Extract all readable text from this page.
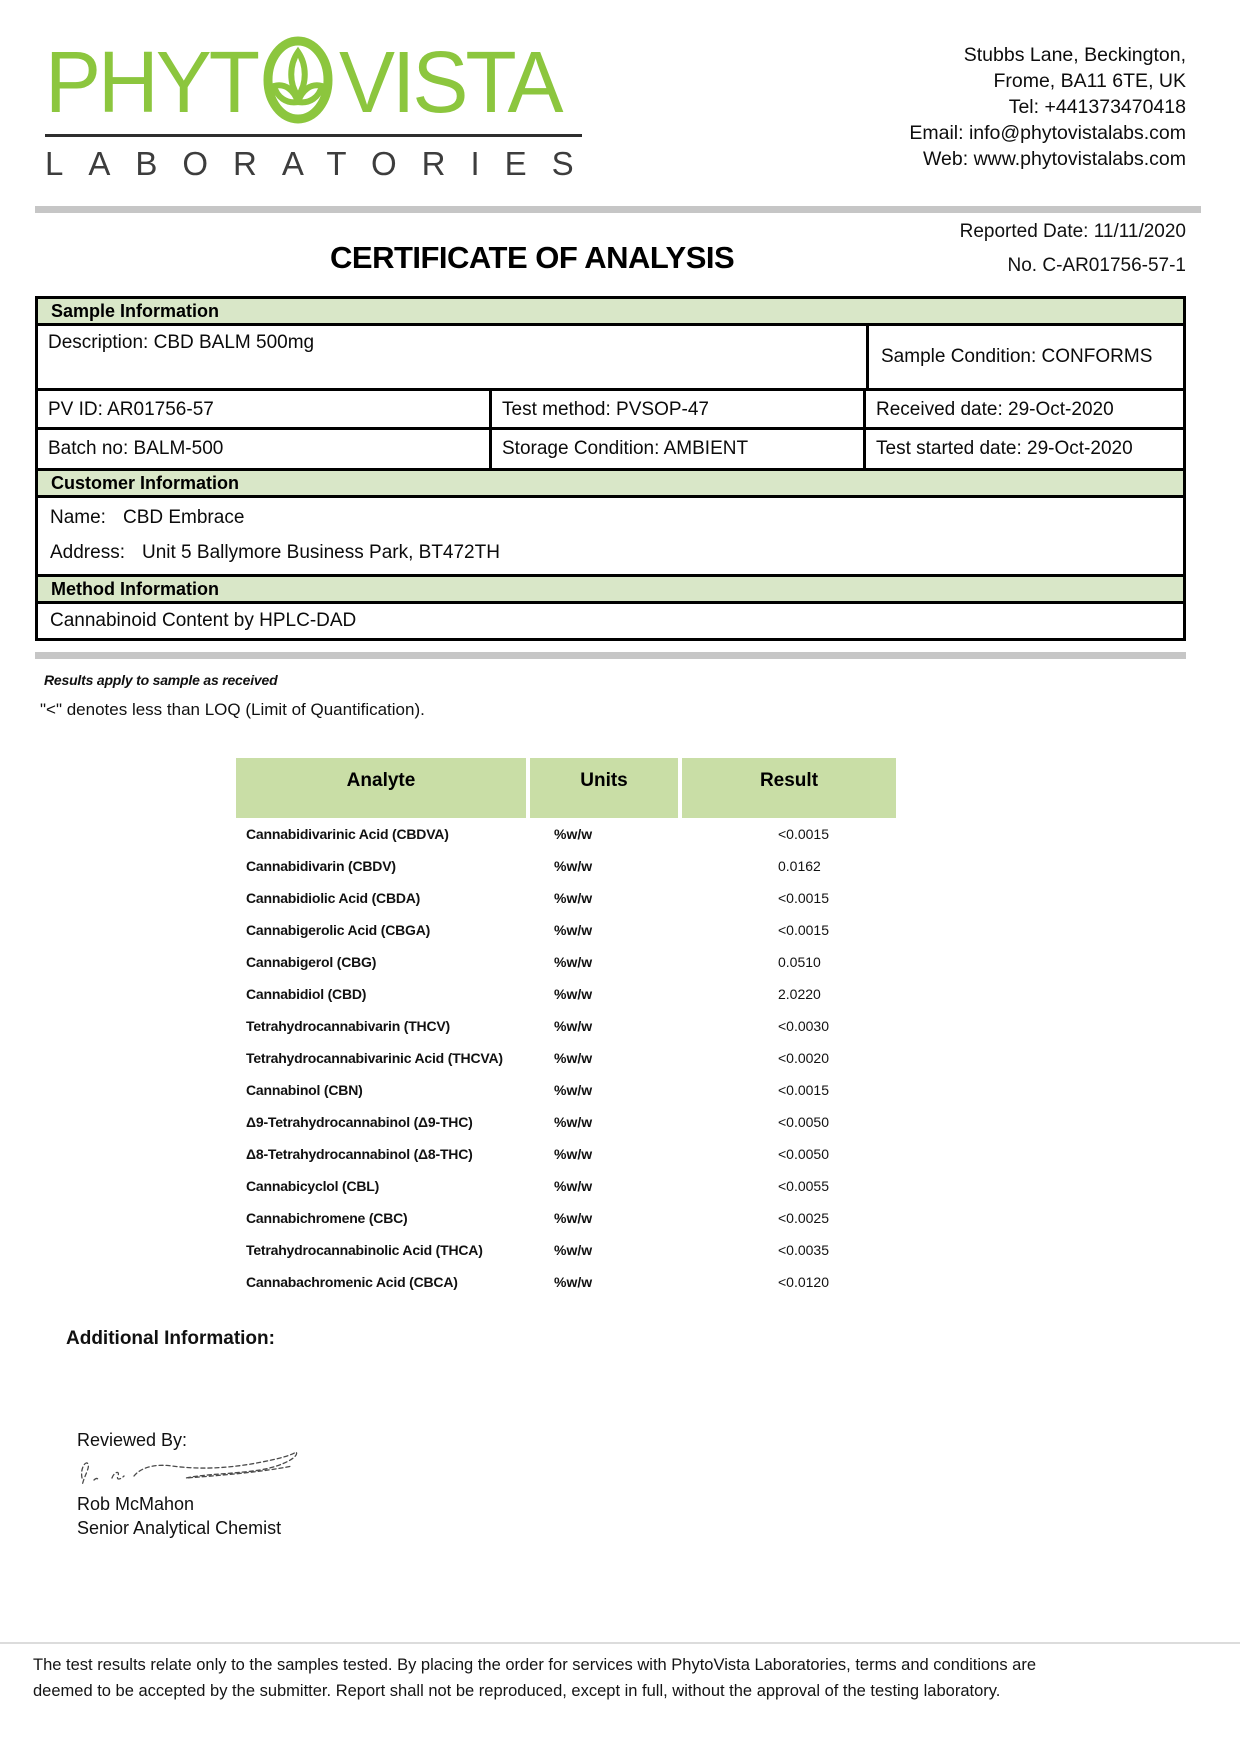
PHYT VISTA
LABORATORIES
Stubbs Lane, Beckington,
Frome, BA11 6TE, UK
Tel: +441373470418
Email: info@phytovistalabs.com
Web: www.phytovistalabs.com
Reported Date: 11/11/2020
CERTIFICATE OF ANALYSIS	No. C-AR01756-57-1
Sample Information
Description: CBD BALM 500mg
Sample Condition: CONFORMS
PV ID: AR01756-57	Test method: PVSOP-47	Received date: 29-Oct-2020
Batch no: BALM-500	Storage Condition: AMBIENT	Test started date: 29-Oct-2020
Customer Information
Name: CBD Embrace
Address: Unit 5 Ballymore Business Park, BT472TH
Method Information
Cannabinoid Content by HPLC-DAD
Results apply to sample as received
"<" denotes less than LOQ (Limit of Quantification).
Analyte	Units	Result
Cannabidivarinic Acid (CBDVA)	%w/w	<0.0015
Cannabidivarin (CBDV)	%w/w	0.0162
Cannabidiolic Acid (CBDA)	%w/w	<0.0015
Cannabigerolic Acid (CBGA)	%w/w	<0.0015
Cannabigerol (CBG)	%w/w	0.0510
Cannabidiol (CBD)	%w/w	2.0220
Tetrahydrocannabivarin (THCV)	%w/w	<0.0030
Tetrahydrocannabivarinic Acid (THCVA)	%w/w	<0.0020
Cannabinol (CBN)	%w/w	<0.0015
Δ9-Tetrahydrocannabinol (Δ9-THC)	%w/w	<0.0050
Δ8-Tetrahydrocannabinol (Δ8-THC)	%w/w	<0.0050
Cannabicyclol (CBL)	%w/w	<0.0055
Cannabichromene (CBC)	%w/w	<0.0025
Tetrahydrocannabinolic Acid (THCA)	%w/w	<0.0035
Cannabachromenic Acid (CBCA)	%w/w	<0.0120
Additional Information:
Reviewed By:
Rob McMahon
Senior Analytical Chemist
The test results relate only to the samples tested. By placing the order for services with PhytoVista Laboratories, terms and conditions are
deemed to be accepted by the submitter. Report shall not be reproduced, except in full, without the approval of the testing laboratory.
